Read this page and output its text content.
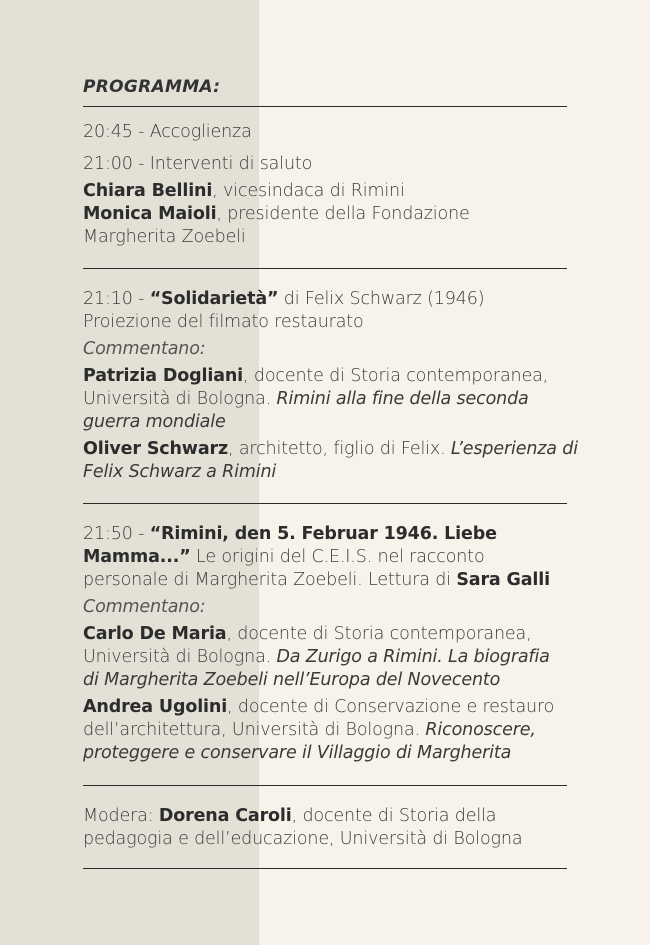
PROGRAMMA:
20:45 - Accoglienza
21:00 - Interventi di saluto
Chiara Bellini, vicesindaca di Rimini
Monica Maioli, presidente della Fondazione
Margherita Zoebeli
21:10 - “Solidarietà” di Felix Schwarz (1946)
Proiezione del filmato restaurato
Commentano:
Patrizia Dogliani, docente di Storia contemporanea,
Università di Bologna. Rimini alla fine della seconda
guerra mondiale
Oliver Schwarz, architetto, figlio di Felix. L’esperienza di
Felix Schwarz a Rimini
21:50 - “Rimini, den 5. Februar 1946. Liebe
Mamma...” Le origini del C.E.I.S. nel racconto
personale di Margherita Zoebeli. Lettura di Sara Galli
Commentano:
Carlo De Maria, docente di Storia contemporanea,
Università di Bologna. Da Zurigo a Rimini. La biografia
di Margherita Zoebeli nell’Europa del Novecento
Andrea Ugolini, docente di Conservazione e restauro
dell’architettura, Università di Bologna. Riconoscere,
proteggere e conservare il Villaggio di Margherita
Modera: Dorena Caroli, docente di Storia della
pedagogia e dell’educazione, Università di Bologna
